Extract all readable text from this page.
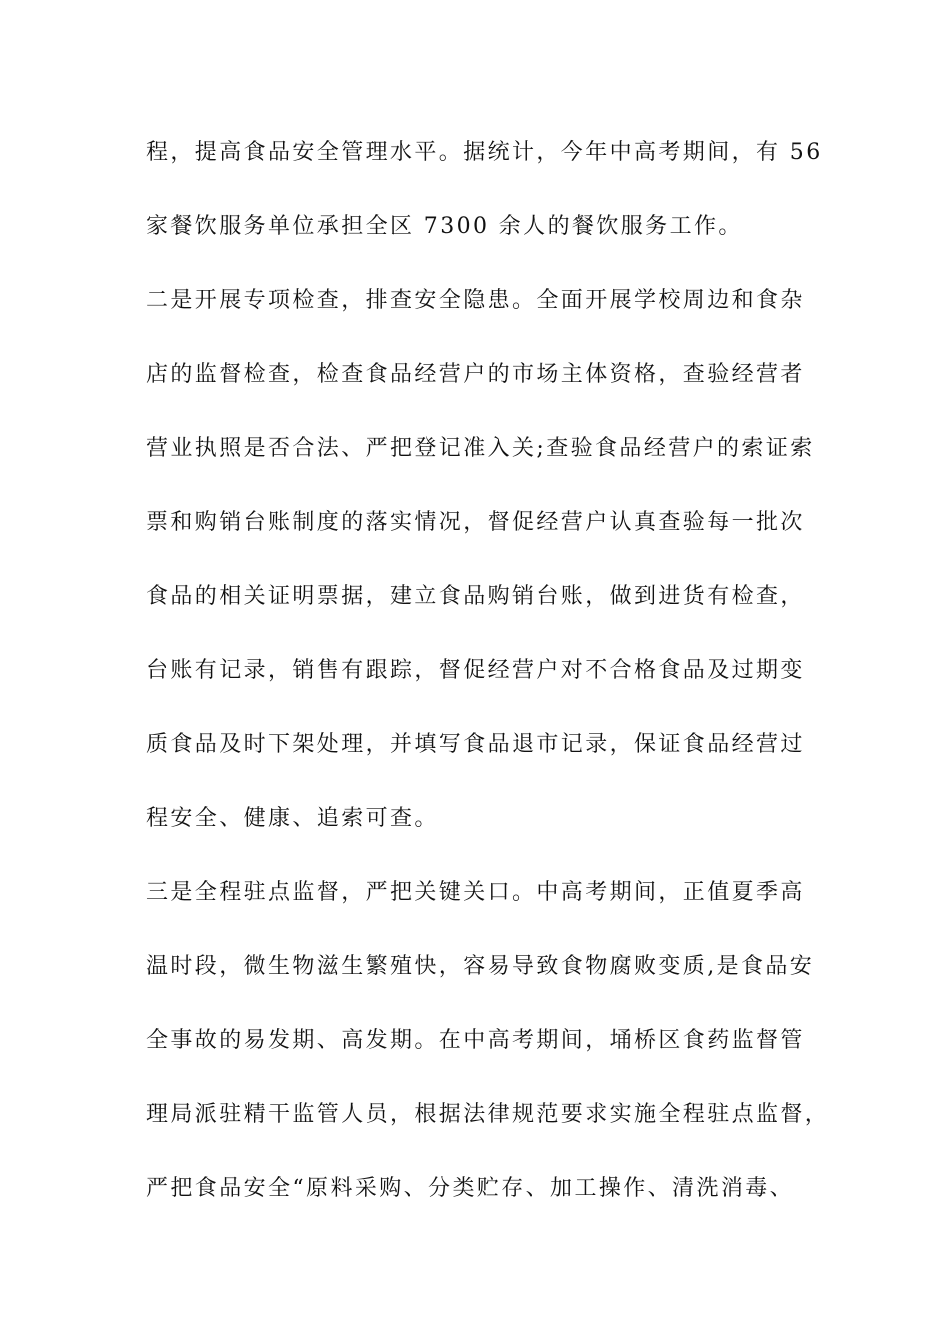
程，提高食品安全管理水平。据统计，今年中高考期间，有 56
家餐饮服务单位承担全区 7300 余人的餐饮服务工作。
二是开展专项检查，排查安全隐患。全面开展学校周边和食杂
店的监督检查，检查食品经营户的市场主体资格，查验经营者
营业执照是否合法、严把登记准入关;查验食品经营户的索证索
票和购销台账制度的落实情况，督促经营户认真查验每一批次
食品的相关证明票据，建立食品购销台账，做到进货有检查，
台账有记录，销售有跟踪，督促经营户对不合格食品及过期变
质食品及时下架处理，并填写食品退市记录，保证食品经营过
程安全、健康、追索可查。
三是全程驻点监督，严把关键关口。中高考期间，正值夏季高
温时段，微生物滋生繁殖快，容易导致食物腐败变质,是食品安
全事故的易发期、高发期。在中高考期间，埇桥区食药监督管
理局派驻精干监管人员，根据法律规范要求实施全程驻点监督，
严把食品安全“原料采购、分类贮存、加工操作、清洗消毒、
